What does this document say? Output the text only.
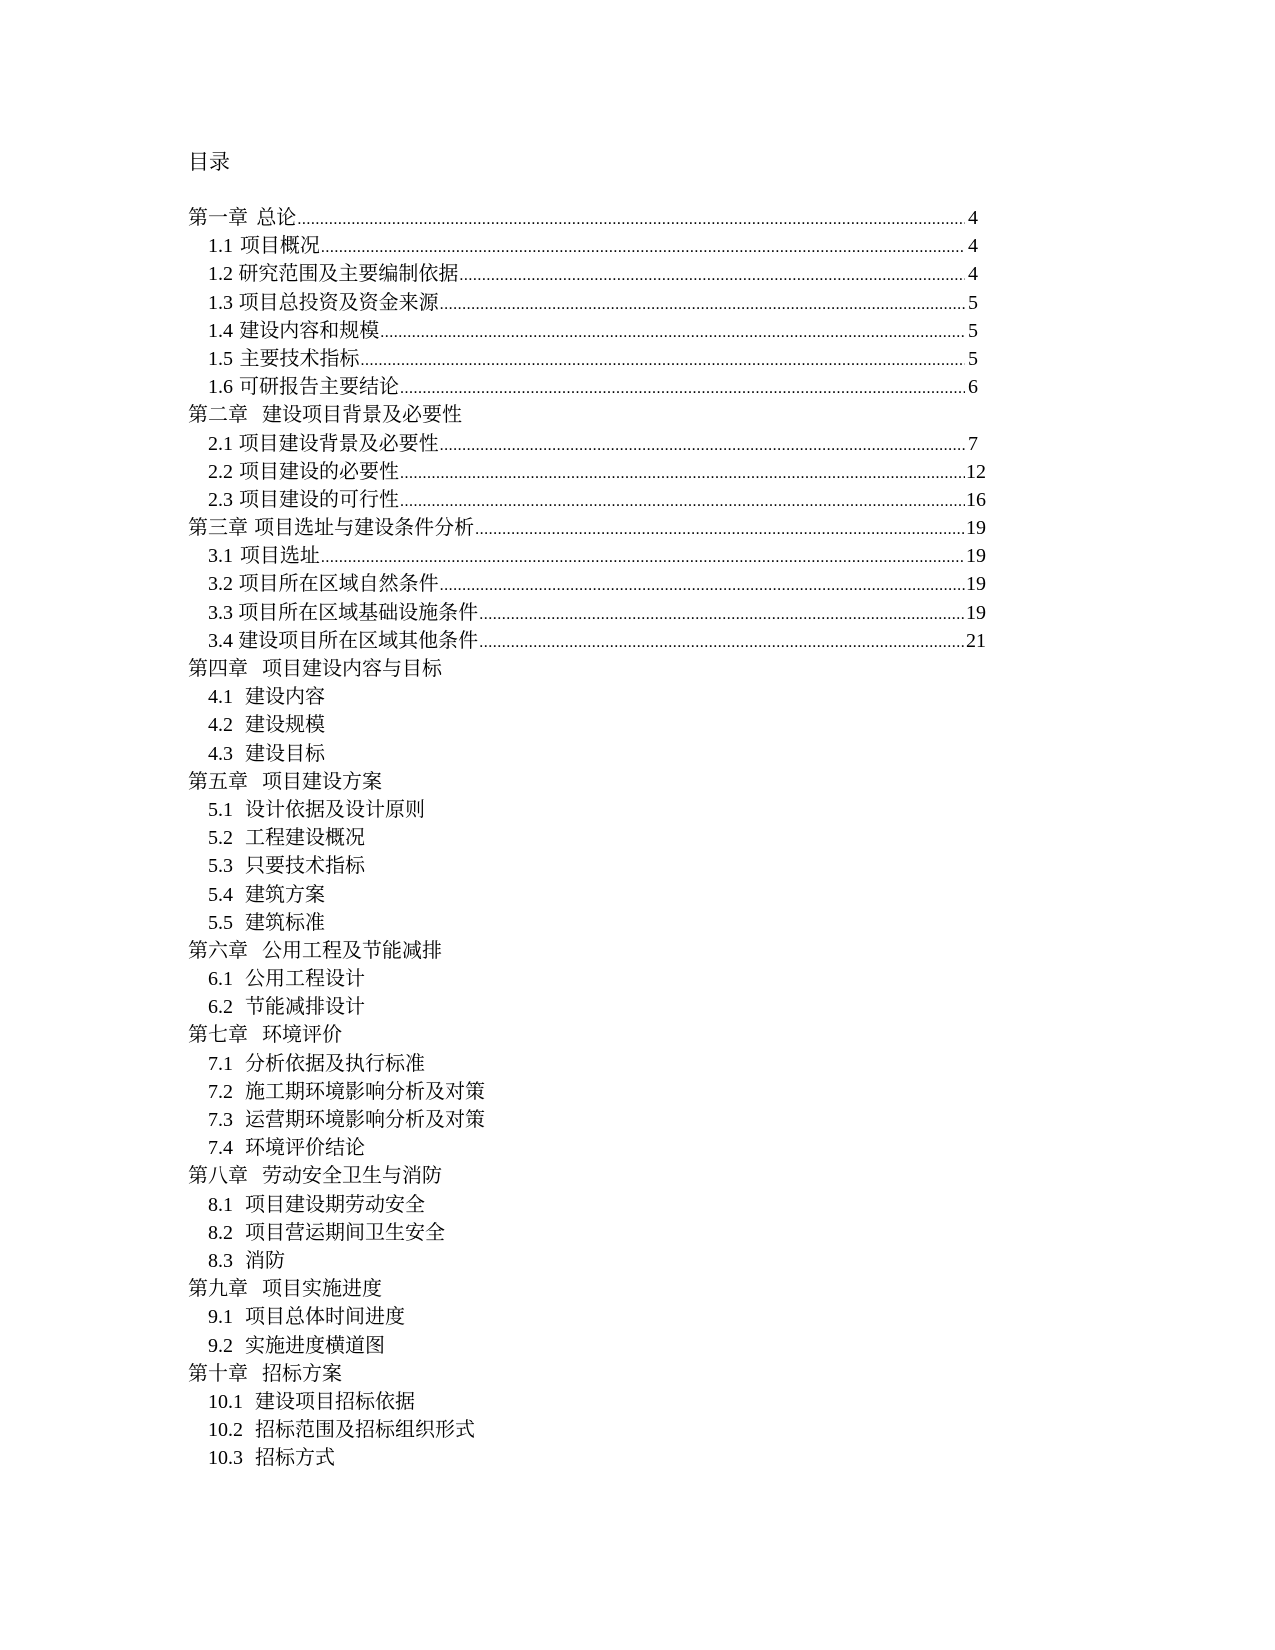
目录
第一章 总论 .....	4
1.1 项目概况 .....	4
1.2 研究范围及主要编制依据 .....	4
1.3 项目总投资及资金来源 .....	5
1.4 建设内容和规模 .....	5
1.5 主要技术指标 .....	5
1.6 可研报告主要结论 .....	6
第二章 建设项目背景及必要性
2.1 项目建设背景及必要性 .....	7
2.2 项目建设的必要性 .....	12
2.3 项目建设的可行性 .....	16
第三章 项目选址与建设条件分析 .....	19
3.1 项目选址 .....	19
3.2 项目所在区域自然条件 .....	19
3.3 项目所在区域基础设施条件 .....	19
3.4 建设项目所在区域其他条件 .....	21
第四章 项目建设内容与目标
4.1 建设内容
4.2 建设规模
4.3 建设目标
第五章 项目建设方案
5.1 设计依据及设计原则
5.2 工程建设概况
5.3 只要技术指标
5.4 建筑方案
5.5 建筑标准
第六章 公用工程及节能减排
6.1 公用工程设计
6.2 节能减排设计
第七章 环境评价
7.1 分析依据及执行标准
7.2 施工期环境影响分析及对策
7.3 运营期环境影响分析及对策
7.4 环境评价结论
第八章 劳动安全卫生与消防
8.1 项目建设期劳动安全
8.2 项目营运期间卫生安全
8.3 消防
第九章 项目实施进度
9.1 项目总体时间进度
9.2 实施进度横道图
第十章 招标方案
10.1 建设项目招标依据
10.2 招标范围及招标组织形式
10.3 招标方式
